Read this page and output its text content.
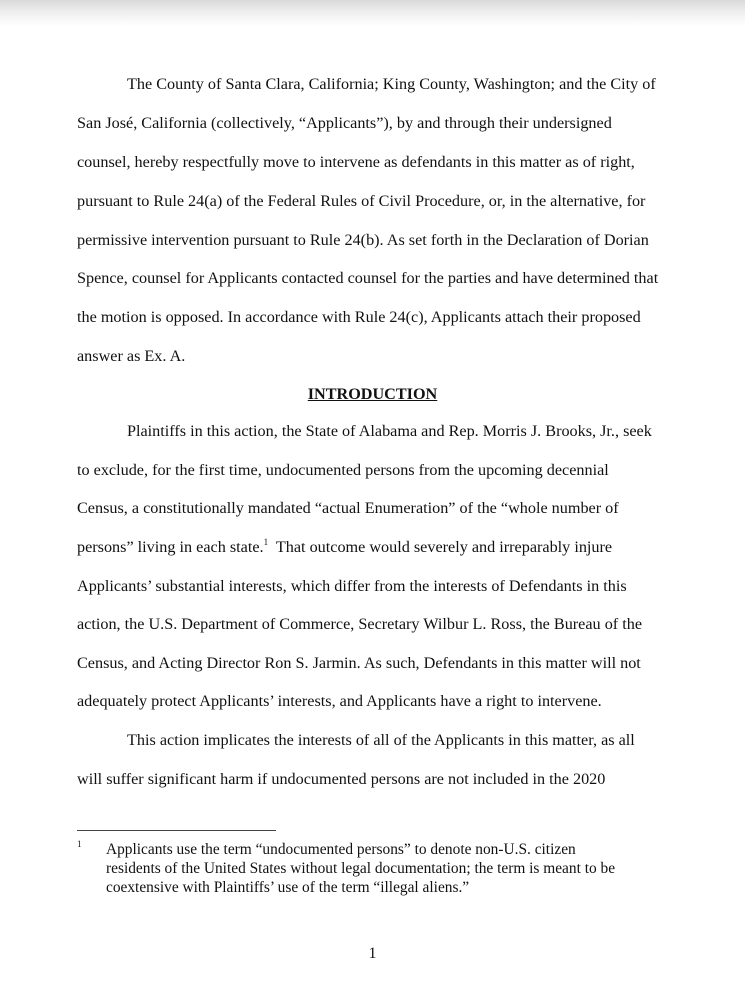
The County of Santa Clara, California; King County, Washington; and the City of
San José, California (collectively, “Applicants”), by and through their undersigned
counsel, hereby respectfully move to intervene as defendants in this matter as of right,
pursuant to Rule 24(a) of the Federal Rules of Civil Procedure, or, in the alternative, for
permissive intervention pursuant to Rule 24(b). As set forth in the Declaration of Dorian
Spence, counsel for Applicants contacted counsel for the parties and have determined that
the motion is opposed. In accordance with Rule 24(c), Applicants attach their proposed
answer as Ex. A.
INTRODUCTION
Plaintiffs in this action, the State of Alabama and Rep. Morris J. Brooks, Jr., seek
to exclude, for the first time, undocumented persons from the upcoming decennial
Census, a constitutionally mandated “actual Enumeration” of the “whole number of
persons” living in each state.$^1$  That outcome would severely and irreparably injure
Applicants’ substantial interests, which differ from the interests of Defendants in this
action, the U.S. Department of Commerce, Secretary Wilbur L. Ross, the Bureau of the
Census, and Acting Director Ron S. Jarmin. As such, Defendants in this matter will not
adequately protect Applicants’ interests, and Applicants have a right to intervene.
This action implicates the interests of all of the Applicants in this matter, as all
will suffer significant harm if undocumented persons are not included in the 2020
1 Applicants use the term “undocumented persons” to denote non-U.S. citizen
residents of the United States without legal documentation; the term is meant to be
coextensive with Plaintiffs’ use of the term “illegal aliens.”
1
